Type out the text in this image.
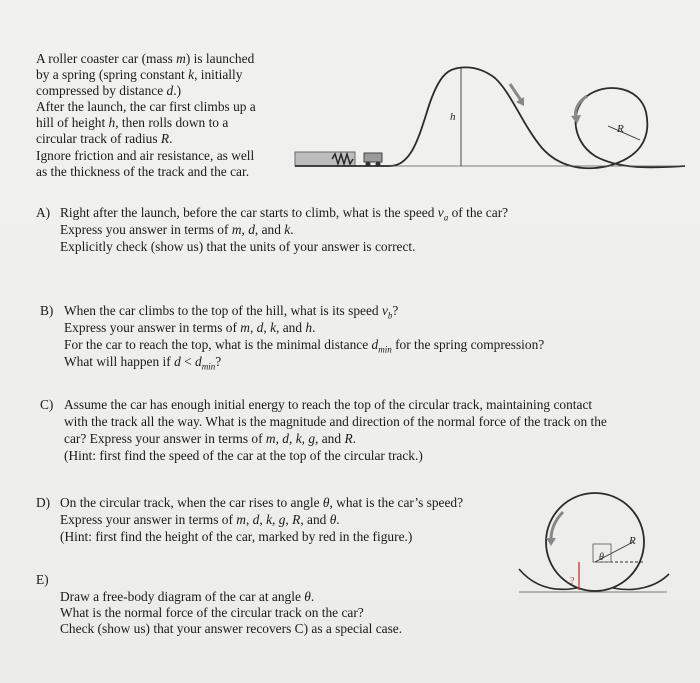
A roller coaster car (mass m) is launched
by a spring (spring constant k, initially
compressed by distance d.)
After the launch, the car first climbs up a
hill of height h, then rolls down to a
circular track of radius R.
Ignore friction and air resistance, as well
as the thickness of the track and the car.
h
R
A) Right after the launch, before the car starts to climb, what is the speed $v_a$ of the car?
Express you answer in terms of m, d, and k.
Explicitly check (show us) that the units of your answer is correct.
B) When the car climbs to the top of the hill, what is its speed $v_b$?
Express your answer in terms of m, d, k, and h.
For the car to reach the top, what is the minimal distance $d_{min}$ for the spring compression?
What will happen if $d < d_{min}$?
C) Assume the car has enough initial energy to reach the top of the circular track, maintaining contact
with the track all the way. What is the magnitude and direction of the normal force of the track on the
car? Express your answer in terms of m, d, k, g, and R.
(Hint: first find the speed of the car at the top of the circular track.)
D) On the circular track, when the car rises to angle θ, what is the car’s speed?
Express your answer in terms of m, d, k, g, R, and θ.
(Hint: first find the height of the car, marked by red in the figure.)
E)
Draw a free-body diagram of the car at angle θ.
What is the normal force of the circular track on the car?
Check (show us) that your answer recovers C) as a special case.
R
θ
?
